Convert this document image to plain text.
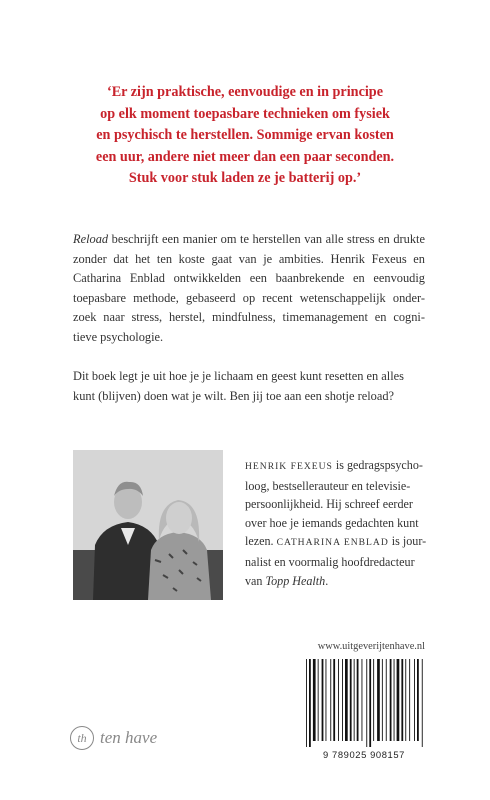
‘Er zijn praktische, eenvoudige en in principe
op elk moment toepasbare technieken om fysiek
en psychisch te herstellen. Sommige ervan kosten
een uur, andere niet meer dan een paar seconden.
Stuk voor stuk laden ze je batterij op.’
Reload beschrijft een manier om te herstellen van alle stress en drukte
zonder dat het ten koste gaat van je ambities. Henrik Fexeus en
Catharina Enblad ontwikkelden een baanbrekende en eenvoudig
toepasbare methode, gebaseerd op recent wetenschappelijk onder-
zoek naar stress, herstel, mindfulness, timemanagement en cogni-
tieve psychologie.
Dit boek legt je uit hoe je je lichaam en geest kunt resetten en alles
kunt (blijven) doen wat je wilt. Ben jij toe aan een shotje reload?
HENRIK FEXEUS is gedragspsycho-
loog, bestsellerauteur en televisie-
persoonlijkheid. Hij schreef eerder
over hoe je iemands gedachten kunt
lezen. CATHARINA ENBLAD is jour-
nalist en voormalig hoofdredacteur
van Topp Health.
www.uitgeverijtenhave.nl
th ten have
9 789025 908157
